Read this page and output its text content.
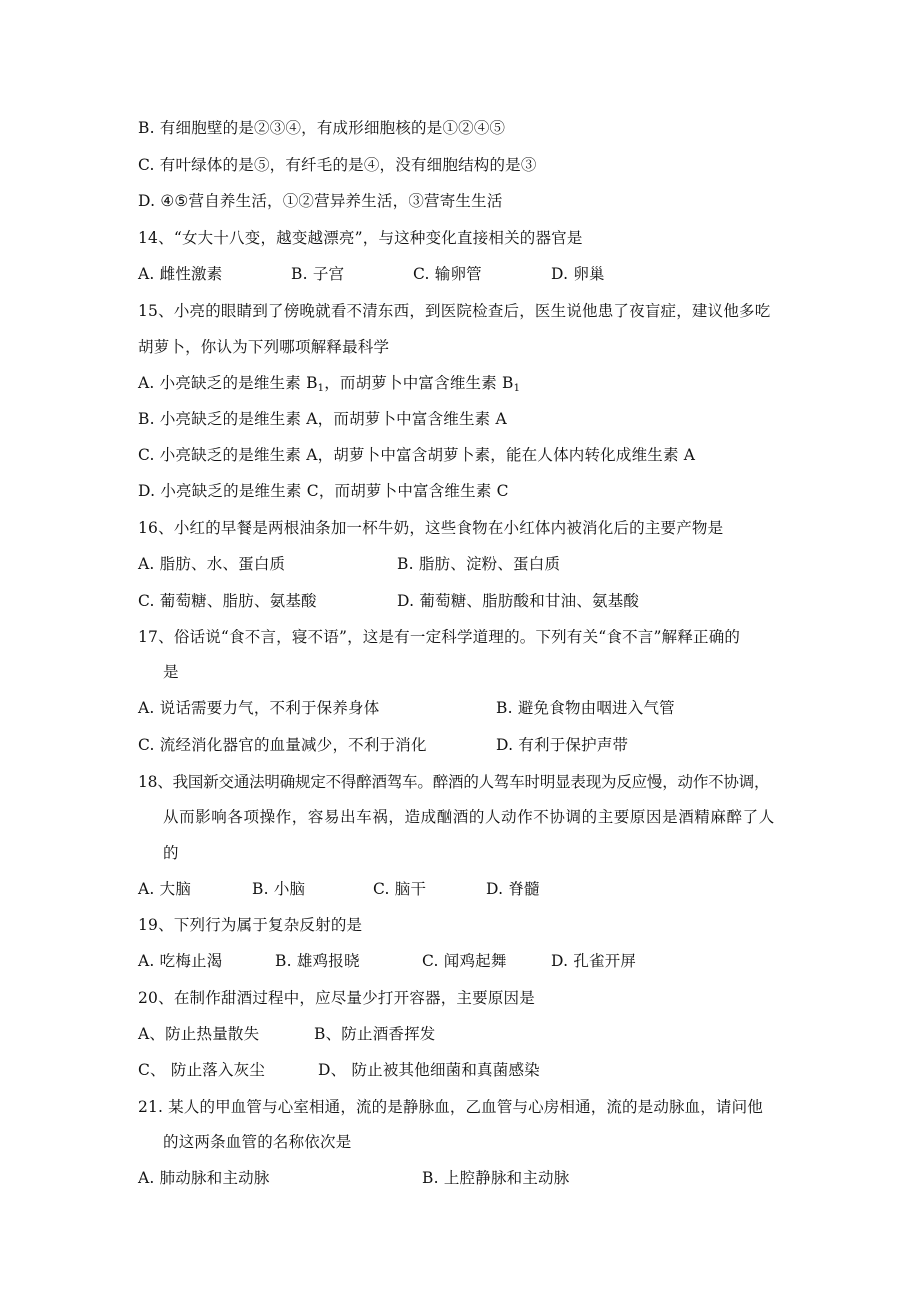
B. 有细胞壁的是②③④，有成形细胞核的是①②④⑤
C. 有叶绿体的是⑤，有纤毛的是④，没有细胞结构的是③
D. ④⑤营自养生活，①②营异养生活，③营寄生生活
14、“女大十八变，越变越漂亮”，与这种变化直接相关的器官是
A. 雌性激素	B. 子宫	C. 输卵管	D. 卵巢
15、小亮的眼睛到了傍晚就看不清东西，到医院检查后，医生说他患了夜盲症，建议他多吃
胡萝卜，你认为下列哪项解释最科学
A. 小亮缺乏的是维生素 $B_1$，而胡萝卜中富含维生素 $B_1$
B. 小亮缺乏的是维生素 A，而胡萝卜中富含维生素 A
C. 小亮缺乏的是维生素 A，胡萝卜中富含胡萝卜素，能在人体内转化成维生素 A
D. 小亮缺乏的是维生素 C，而胡萝卜中富含维生素 C
16、小红的早餐是两根油条加一杯牛奶，这些食物在小红体内被消化后的主要产物是
A. 脂肪、水、蛋白质	B. 脂肪、淀粉、蛋白质
C. 葡萄糖、脂肪、氨基酸	D. 葡萄糖、脂肪酸和甘油、氨基酸
17、俗话说“食不言，寝不语”，这是有一定科学道理的。下列有关“食不言”解释正确的
是
A. 说话需要力气，不利于保养身体	B. 避免食物由咽进入气管
C. 流经消化器官的血量减少，不利于消化	D. 有利于保护声带
18、我国新交通法明确规定不得醉酒驾车。醉酒的人驾车时明显表现为反应慢，动作不协调，
从而影响各项操作，容易出车祸，造成酗酒的人动作不协调的主要原因是酒精麻醉了人
的
A. 大脑	B. 小脑	C. 脑干	D. 脊髓
19、下列行为属于复杂反射的是
A. 吃梅止渴	B. 雄鸡报晓	C. 闻鸡起舞	D. 孔雀开屏
20、在制作甜酒过程中，应尽量少打开容器，主要原因是
A、防止热量散失	B、防止酒香挥发
C、 防止落入灰尘	D、 防止被其他细菌和真菌感染
21. 某人的甲血管与心室相通，流的是静脉血，乙血管与心房相通，流的是动脉血，请问他
的这两条血管的名称依次是
A. 肺动脉和主动脉	B. 上腔静脉和主动脉
